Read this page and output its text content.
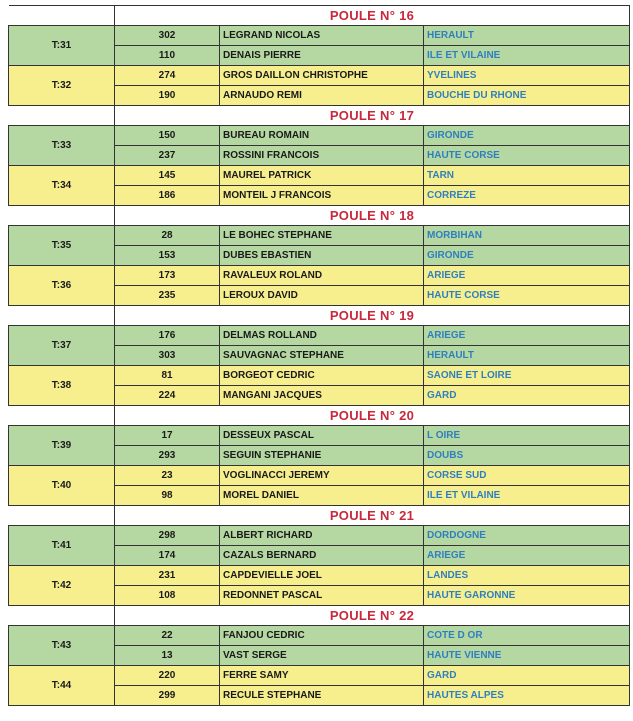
	POULE N° 16		
T:31	302	LEGRAND NICOLAS	HERAULT
	110	DENAIS PIERRE	ILE ET VILAINE
T:32	274	GROS DAILLON CHRISTOPHE	YVELINES
	190	ARNAUDO REMI	BOUCHE DU RHONE
	POULE N° 17		
T:33	150	BUREAU ROMAIN	GIRONDE
	237	ROSSINI FRANCOIS	HAUTE CORSE
T:34	145	MAUREL PATRICK	TARN
	186	MONTEIL J FRANCOIS	CORREZE
	POULE N° 18		
T:35	28	LE BOHEC STEPHANE	MORBIHAN
	153	DUBES EBASTIEN	GIRONDE
T:36	173	RAVALEUX ROLAND	ARIEGE
	235	LEROUX DAVID	HAUTE CORSE
	POULE N° 19		
T:37	176	DELMAS ROLLAND	ARIEGE
	303	SAUVAGNAC STEPHANE	HERAULT
T:38	81	BORGEOT CEDRIC	SAONE ET LOIRE
	224	MANGANI JACQUES	GARD
	POULE N° 20		
T:39	17	DESSEUX PASCAL	L OIRE
	293	SEGUIN STEPHANIE	DOUBS
T:40	23	VOGLINACCI JEREMY	CORSE SUD
	98	MOREL DANIEL	ILE ET VILAINE
	POULE N° 21		
T:41	298	ALBERT RICHARD	DORDOGNE
	174	CAZALS BERNARD	ARIEGE
T:42	231	CAPDEVIELLE JOEL	LANDES
	108	REDONNET PASCAL	HAUTE GARONNE
	POULE N° 22		
T:43	22	FANJOU CEDRIC	COTE D OR
	13	VAST SERGE	HAUTE VIENNE
T:44	220	FERRE SAMY	GARD
	299	RECULE STEPHANE	HAUTES ALPES
